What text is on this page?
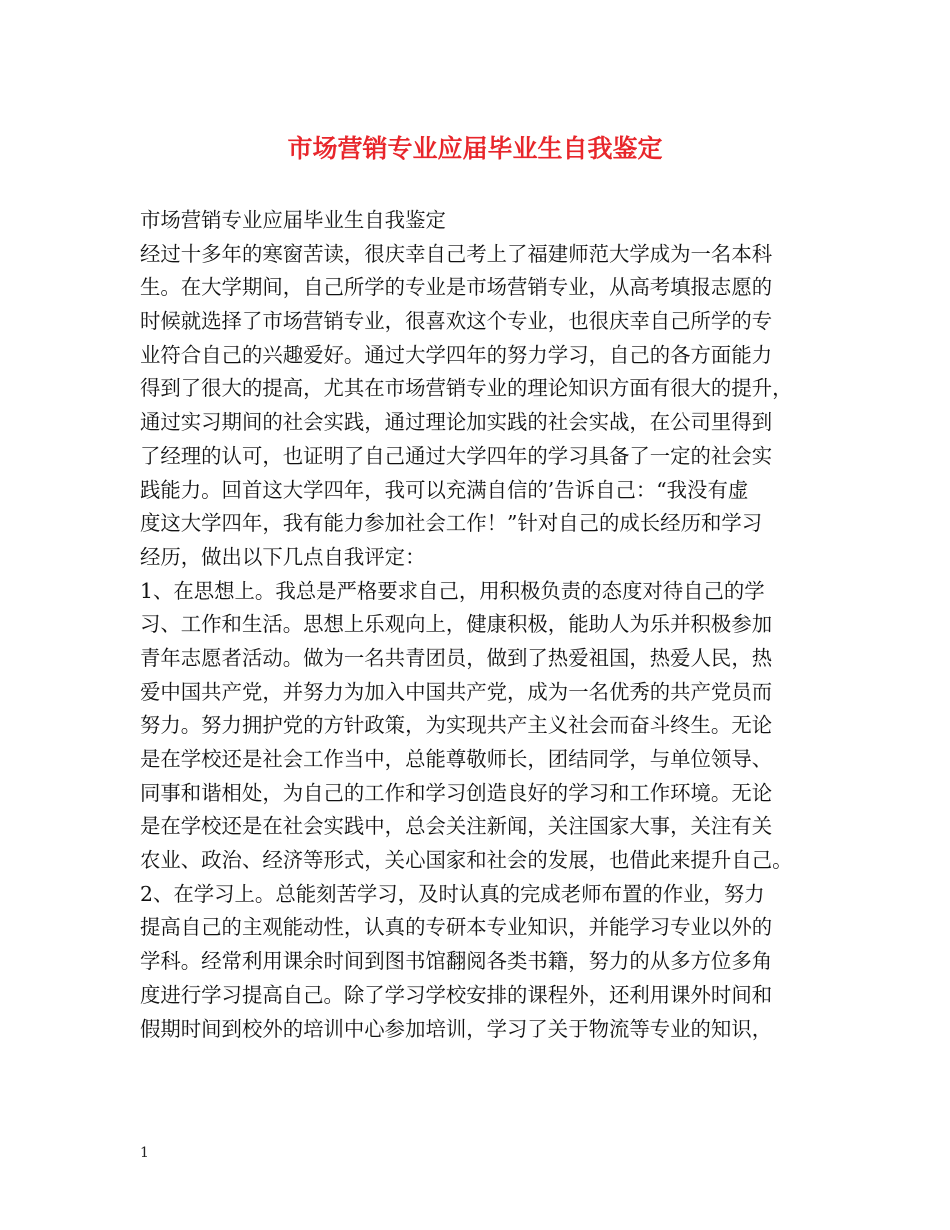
市场营销专业应届毕业生自我鉴定
市场营销专业应届毕业生自我鉴定
经过十多年的寒窗苦读，很庆幸自己考上了福建师范大学成为一名本科
生。在大学期间，自己所学的专业是市场营销专业，从高考填报志愿的
时候就选择了市场营销专业，很喜欢这个专业，也很庆幸自己所学的专
业符合自己的兴趣爱好。通过大学四年的努力学习，自己的各方面能力
得到了很大的提高，尤其在市场营销专业的理论知识方面有很大的提升，
通过实习期间的社会实践，通过理论加实践的社会实战，在公司里得到
了经理的认可，也证明了自己通过大学四年的学习具备了一定的社会实
践能力。回首这大学四年，我可以充满自信的’告诉自己：“我没有虚
度这大学四年，我有能力参加社会工作！”针对自己的成长经历和学习
经历，做出以下几点自我评定：
1、在思想上。我总是严格要求自己，用积极负责的态度对待自己的学
习、工作和生活。思想上乐观向上，健康积极，能助人为乐并积极参加
青年志愿者活动。做为一名共青团员，做到了热爱祖国，热爱人民，热
爱中国共产党，并努力为加入中国共产党，成为一名优秀的共产党员而
努力。努力拥护党的方针政策，为实现共产主义社会而奋斗终生。无论
是在学校还是社会工作当中，总能尊敬师长，团结同学，与单位领导、
同事和谐相处，为自己的工作和学习创造良好的学习和工作环境。无论
是在学校还是在社会实践中，总会关注新闻，关注国家大事，关注有关
农业、政治、经济等形式，关心国家和社会的发展，也借此来提升自己。
2、在学习上。总能刻苦学习，及时认真的完成老师布置的作业，努力
提高自己的主观能动性，认真的专研本专业知识，并能学习专业以外的
学科。经常利用课余时间到图书馆翻阅各类书籍，努力的从多方位多角
度进行学习提高自己。除了学习学校安排的课程外，还利用课外时间和
假期时间到校外的培训中心参加培训，学习了关于物流等专业的知识，
1
